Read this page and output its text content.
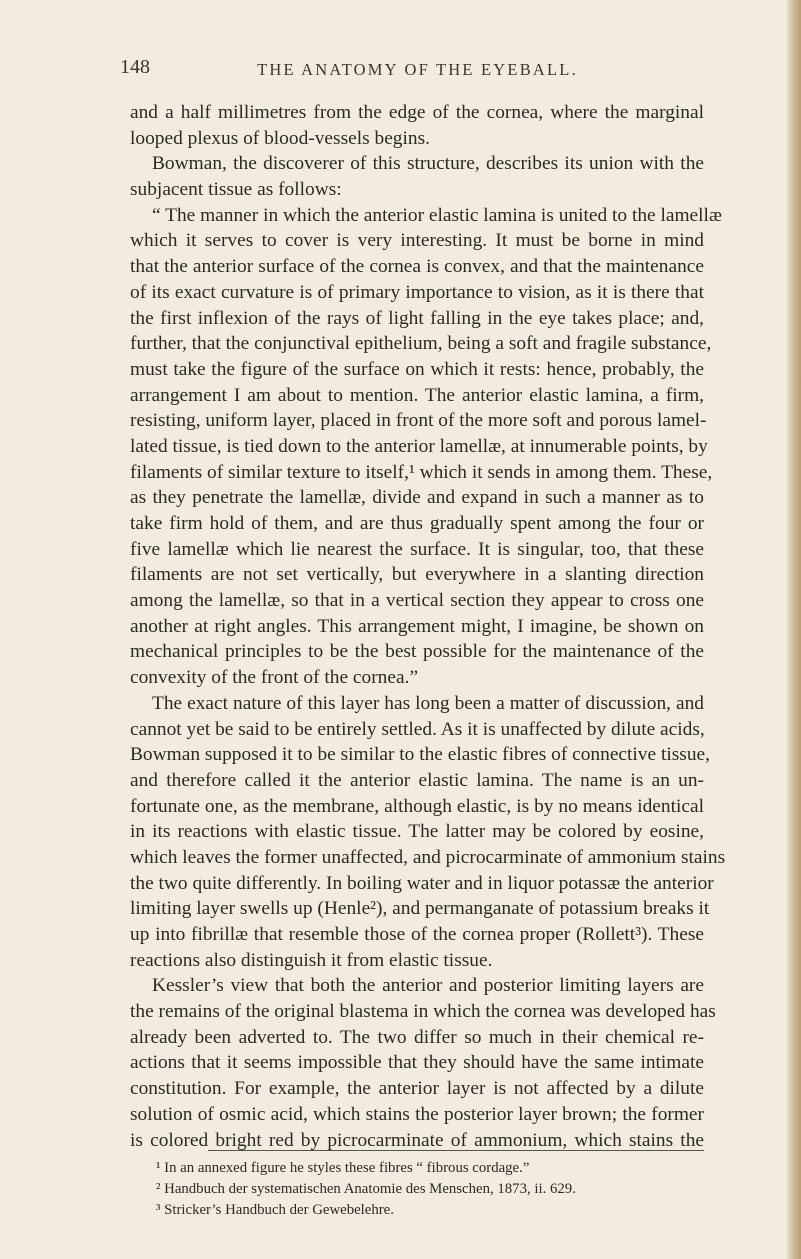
148	THE ANATOMY OF THE EYEBALL.
and a half millimetres from the edge of the cornea, where the marginal
looped plexus of blood-vessels begins.
Bowman, the discoverer of this structure, describes its union with the
subjacent tissue as follows:
“ The manner in which the anterior elastic lamina is united to the lamellæ
which it serves to cover is very interesting. It must be borne in mind
that the anterior surface of the cornea is convex, and that the maintenance
of its exact curvature is of primary importance to vision, as it is there that
the first inflexion of the rays of light falling in the eye takes place; and,
further, that the conjunctival epithelium, being a soft and fragile substance,
must take the figure of the surface on which it rests: hence, probably, the
arrangement I am about to mention. The anterior elastic lamina, a firm,
resisting, uniform layer, placed in front of the more soft and porous lamel-
lated tissue, is tied down to the anterior lamellæ, at innumerable points, by
filaments of similar texture to itself,¹ which it sends in among them. These,
as they penetrate the lamellæ, divide and expand in such a manner as to
take firm hold of them, and are thus gradually spent among the four or
five lamellæ which lie nearest the surface. It is singular, too, that these
filaments are not set vertically, but everywhere in a slanting direction
among the lamellæ, so that in a vertical section they appear to cross one
another at right angles. This arrangement might, I imagine, be shown on
mechanical principles to be the best possible for the maintenance of the
convexity of the front of the cornea.”
The exact nature of this layer has long been a matter of discussion, and
cannot yet be said to be entirely settled. As it is unaffected by dilute acids,
Bowman supposed it to be similar to the elastic fibres of connective tissue,
and therefore called it the anterior elastic lamina. The name is an un-
fortunate one, as the membrane, although elastic, is by no means identical
in its reactions with elastic tissue. The latter may be colored by eosine,
which leaves the former unaffected, and picrocarminate of ammonium stains
the two quite differently. In boiling water and in liquor potassæ the anterior
limiting layer swells up (Henle²), and permanganate of potassium breaks it
up into fibrillæ that resemble those of the cornea proper (Rollett³). These
reactions also distinguish it from elastic tissue.
Kessler’s view that both the anterior and posterior limiting layers are
the remains of the original blastema in which the cornea was developed has
already been adverted to. The two differ so much in their chemical re-
actions that it seems impossible that they should have the same intimate
constitution. For example, the anterior layer is not affected by a dilute
solution of osmic acid, which stains the posterior layer brown; the former
is colored bright red by picrocarminate of ammonium, which stains the
¹ In an annexed figure he styles these fibres “ fibrous cordage.”
² Handbuch der systematischen Anatomie des Menschen, 1873, ii. 629.
³ Stricker’s Handbuch der Gewebelehre.
